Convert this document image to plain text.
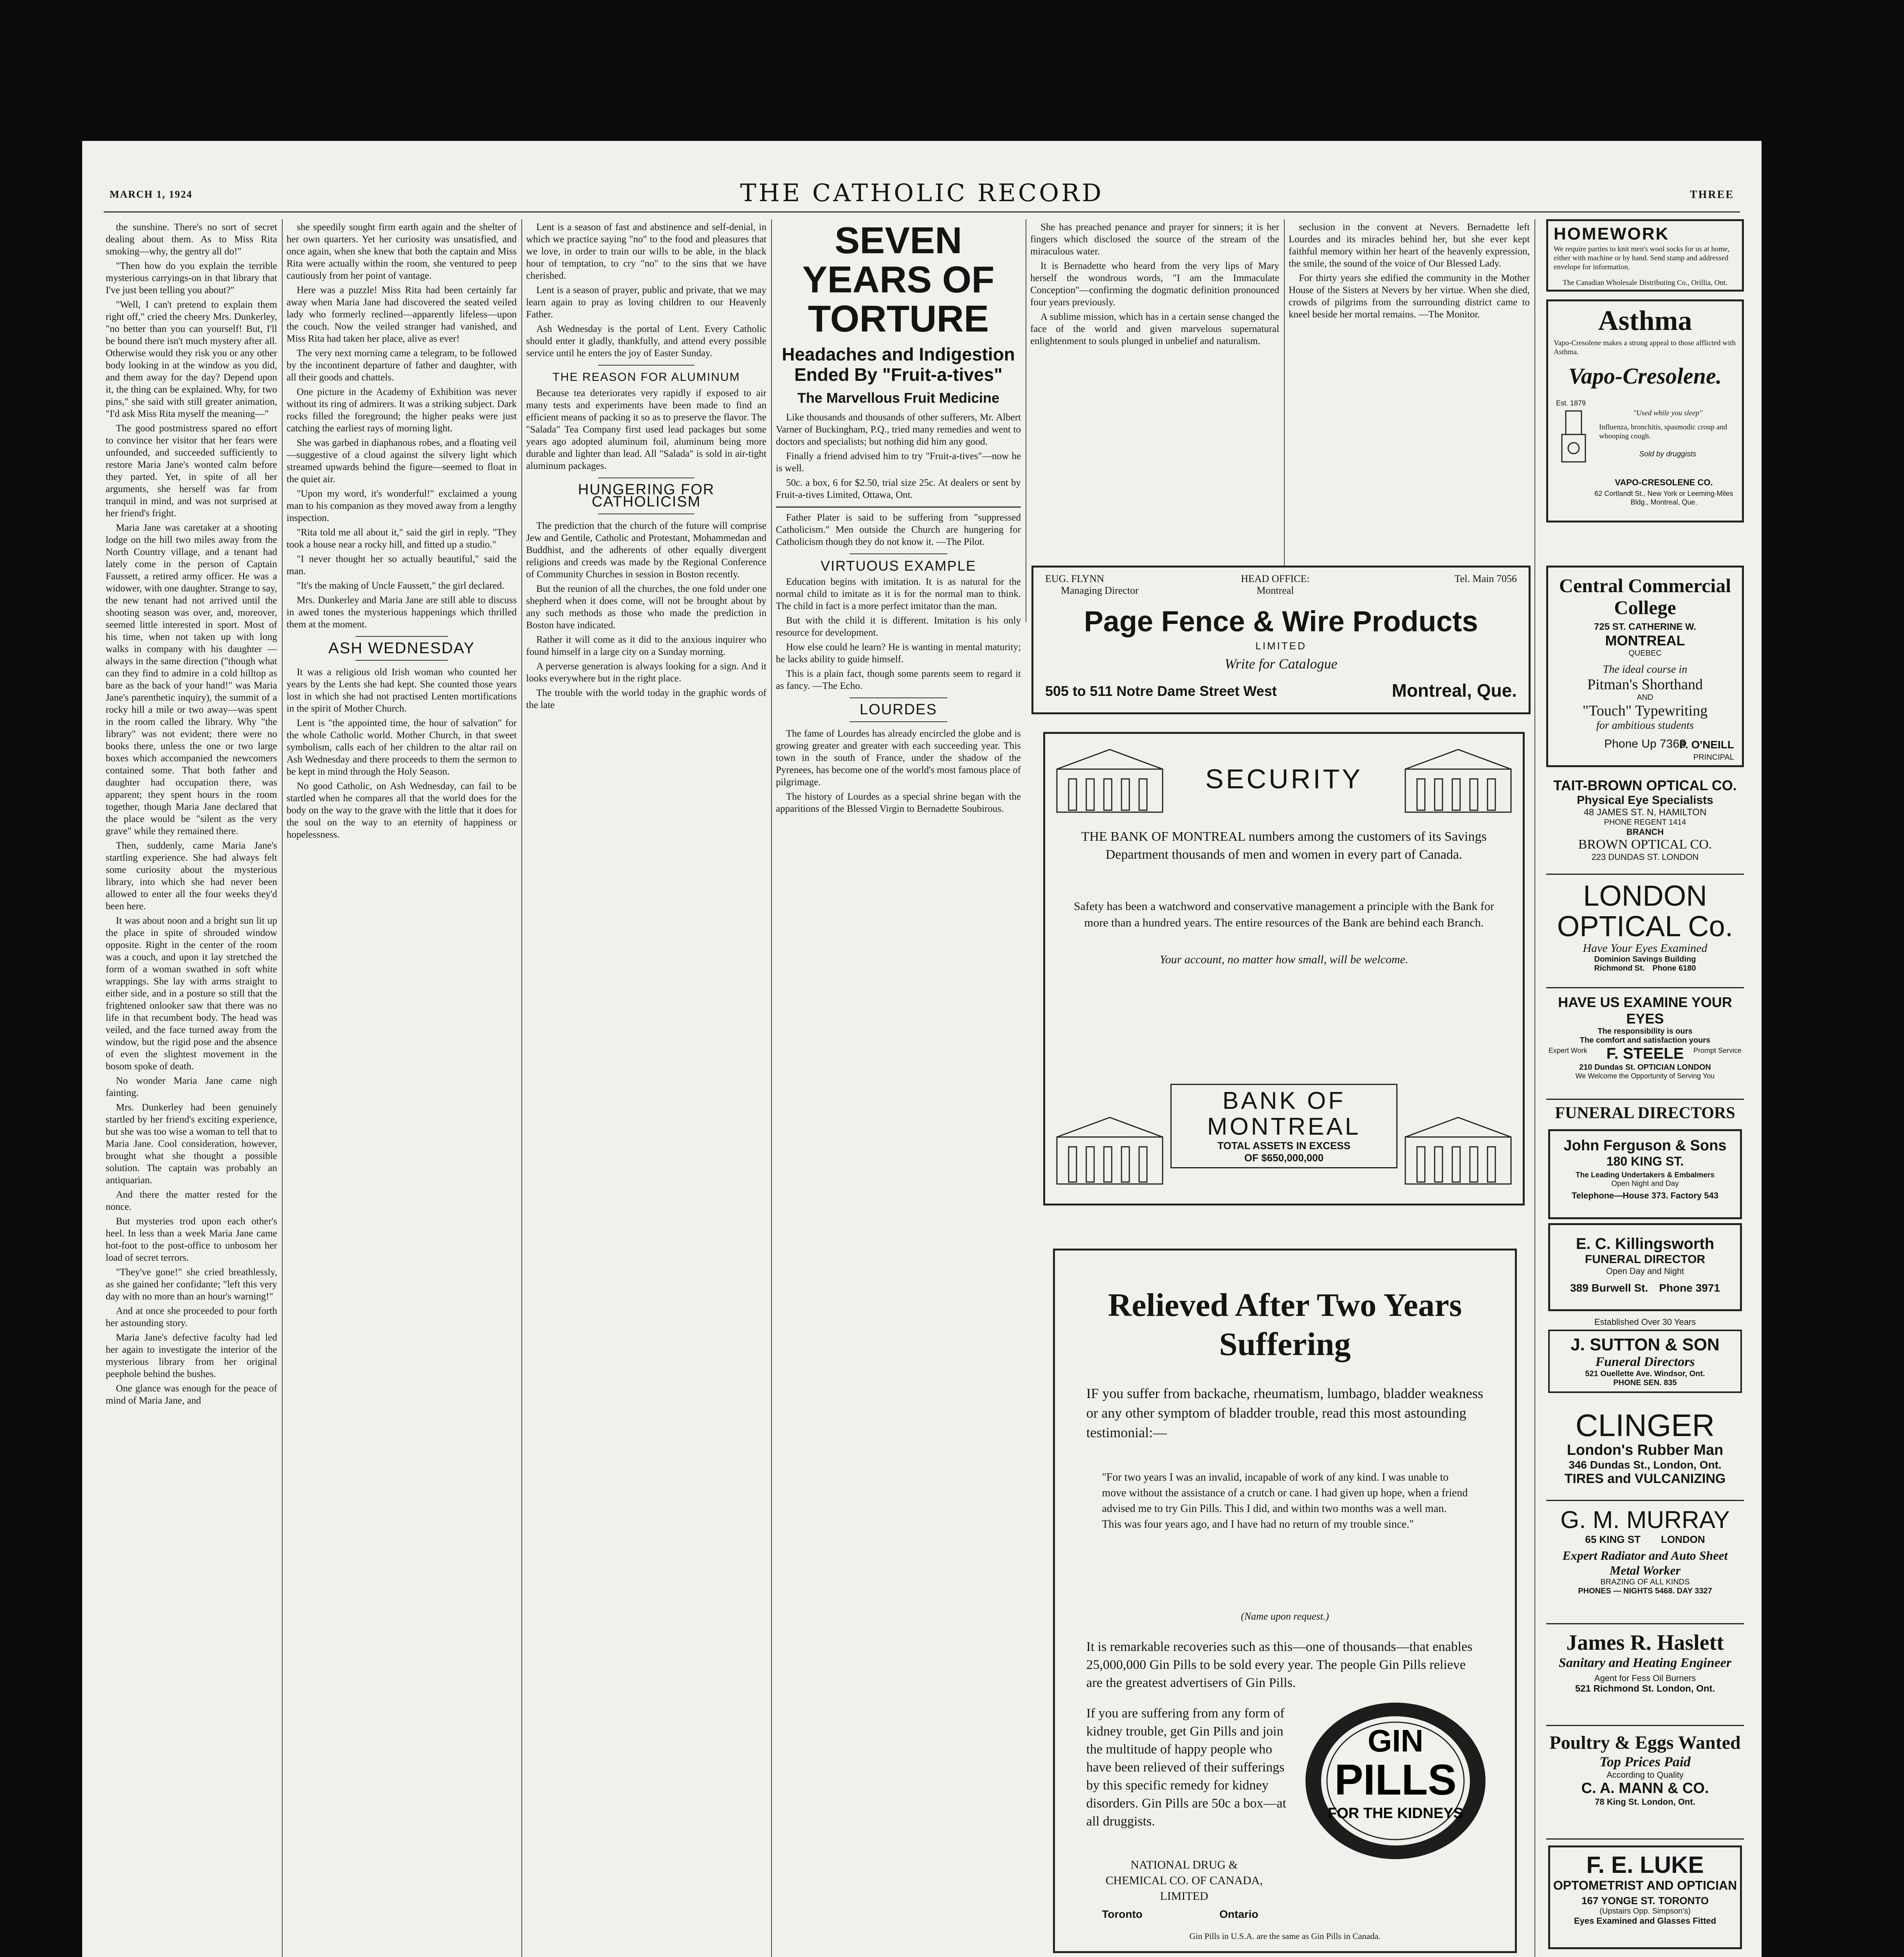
MARCH 1, 1924	THE CATHOLIC RECORD	THREE

the sunshine. There's no sort of secret dealing about them. As to Miss Rita smoking—why, the gentry all do!"

"Then how do you explain the terrible mysterious carryings-on in that library that I've just been telling you about?"

"Well, I can't pretend to explain them right off," cried the cheery Mrs. Dunkerley, "no better than you can yourself! But, I'll be bound there isn't much mystery after all. Otherwise would they risk you or any other body looking in at the window as you did, and them away for the day? Depend upon it, the thing can be explained. Why, for two pins," she said with still greater animation, "I'd ask Miss Rita myself the meaning—"

The good postmistress spared no effort to convince her visitor that her fears were unfounded, and succeeded sufficiently to restore Maria Jane's wonted calm before they parted. Yet, in spite of all her arguments, she herself was far from tranquil in mind, and was not surprised at her friend's fright.

Maria Jane was caretaker at a shooting lodge on the hill two miles away from the North Country village, and a tenant had lately come in the person of Captain Faussett, a retired army officer. He was a widower, with one daughter. Strange to say, the new tenant had not arrived until the shooting season was over, and, moreover, seemed little interested in sport. Most of his time, when not taken up with long walks in company with his daughter — always in the same direction ("though what can they find to admire in a cold hilltop as bare as the back of your hand!" was Maria Jane's parenthetic inquiry), the summit of a rocky hill a mile or two away—was spent in the room called the library. Why "the library" was not evident; there were no books there, unless the one or two large boxes which accompanied the newcomers contained some. That both father and daughter had occupation there, was apparent; they spent hours in the room together, though Maria Jane declared that the place would be "silent as the very grave" while they remained there.

Then, suddenly, came Maria Jane's startling experience. She had always felt some curiosity about the mysterious library, into which she had never been allowed to enter all the four weeks they'd been here.

It was about noon and a bright sun lit up the place in spite of shrouded window opposite. Right in the center of the room was a couch, and upon it lay stretched the form of a woman swathed in soft white wrappings. She lay with arms straight to either side, and in a posture so still that the frightened onlooker saw that there was no life in that recumbent body. The head was veiled, and the face turned away from the window, but the rigid pose and the absence of even the slightest movement in the bosom spoke of death.

No wonder Maria Jane came nigh fainting.

Mrs. Dunkerley had been genuinely startled by her friend's exciting experience, but she was too wise a woman to tell that to Maria Jane. Cool consideration, however, brought what she thought a possible solution. The captain was probably an antiquarian.

And there the matter rested for the nonce.

But mysteries trod upon each other's heel. In less than a week Maria Jane came hot-foot to the post-office to unbosom her load of secret terrors.

"They've gone!" she cried breathlessly, as she gained her confidante; "left this very day with no more than an hour's warning!"

And at once she proceeded to pour forth her astounding story.

Maria Jane's defective faculty had led her again to investigate the interior of the mysterious library from her original peephole behind the bushes.

One glance was enough for the peace of mind of Maria Jane, and

she speedily sought firm earth again and the shelter of her own quarters. Yet her curiosity was unsatisfied, and once again, when she knew that both the captain and Miss Rita were actually within the room, she ventured to peep cautiously from her point of vantage.

Here was a puzzle! Miss Rita had been certainly far away when Maria Jane had discovered the seated veiled lady who formerly reclined—apparently lifeless—upon the couch. Now the veiled stranger had vanished, and Miss Rita had taken her place, alive as ever!

The very next morning came a telegram, to be followed by the incontinent departure of father and daughter, with all their goods and chattels.

One picture in the Academy of Exhibition was never without its ring of admirers. It was a striking subject. Dark rocks filled the foreground; the higher peaks were just catching the earliest rays of morning light.

She was garbed in diaphanous robes, and a floating veil—suggestive of a cloud against the silvery light which streamed upwards behind the figure—seemed to float in the quiet air.

"Upon my word, it's wonderful!" exclaimed a young man to his companion as they moved away from a lengthy inspection.

"Rita told me all about it," said the girl in reply. "They took a house near a rocky hill, and fitted up a studio."

"I never thought her so actually beautiful," said the man.

"It's the making of Uncle Faussett," the girl declared.

Mrs. Dunkerley and Maria Jane are still able to discuss in awed tones the mysterious happenings which thrilled them at the moment.

ASH WEDNESDAY

It was a religious old Irish woman who counted her years by the Lents she had kept. She counted those years lost in which she had not practised Lenten mortifications in the spirit of Mother Church.

Lent is "the appointed time, the hour of salvation" for the whole Catholic world. Mother Church, in that sweet symbolism, calls each of her children to the altar rail on Ash Wednesday and there proceeds to them the sermon to be kept in mind through the Holy Season.

No good Catholic, on Ash Wednesday, can fail to be startled when he compares all that the world does for the body on the way to the grave with the little that it does for the soul on the way to an eternity of happiness or hopelessness.

Lent is a season of fast and abstinence and self-denial, in which we practice saying "no" to the food and pleasures that we love, in order to train our wills to be able, in the black hour of temptation, to cry "no" to the sins that we have cherished.

Lent is a season of prayer, public and private, that we may learn again to pray as loving children to our Heavenly Father.

Ash Wednesday is the portal of Lent. Every Catholic should enter it gladly, thankfully, and attend every possible service until he enters the joy of Easter Sunday.

THE REASON FOR ALUMINUM

Because tea deteriorates very rapidly if exposed to air many tests and experiments have been made to find an efficient means of packing it so as to preserve the flavor. The "Salada" Tea Company first used lead packages but some years ago adopted aluminum foil, aluminum being more durable and lighter than lead. All "Salada" is sold in air-tight aluminum packages.

HUNGERING FOR CATHOLICISM

The prediction that the church of the future will comprise Jew and Gentile, Catholic and Protestant, Mohammedan and Buddhist, and the adherents of other equally divergent religions and creeds was made by the Regional Conference of Community Churches in session in Boston recently.

But the reunion of all the churches, the one fold under one shepherd when it does come, will not be brought about by any such methods as those who made the prediction in Boston have indicated.

Rather it will come as it did to the anxious inquirer who found himself in a large city on a Sunday morning.

A perverse generation is always looking for a sign. And it looks everywhere but in the right place.

The trouble with the world today in the graphic words of the late

SEVEN YEARS OF TORTURE
Headaches and Indigestion Ended By "Fruit-a-tives"
The Marvellous Fruit Medicine

Like thousands and thousands of other sufferers, Mr. Albert Varner of Buckingham, P.Q., tried many remedies and went to doctors and specialists; but nothing did him any good.

Finally a friend advised him to try "Fruit-a-tives"—now he is well.

50c. a box, 6 for $2.50, trial size 25c. At dealers or sent by Fruit-a-tives Limited, Ottawa, Ont.

Father Plater is said to be suffering from "suppressed Catholicism." Men outside the Church are hungering for Catholicism though they do not know it. —The Pilot.

VIRTUOUS EXAMPLE

Education begins with imitation. It is as natural for the normal child to imitate as it is for the normal man to think. The child in fact is a more perfect imitator than the man.

But with the child it is different. Imitation is his only resource for development.

How else could he learn? He is wanting in mental maturity; he lacks ability to guide himself.

This is a plain fact, though some parents seem to regard it as fancy. —The Echo.

LOURDES

The fame of Lourdes has already encircled the globe and is growing greater and greater with each succeeding year. This town in the south of France, under the shadow of the Pyrenees, has become one of the world's most famous place of pilgrimage.

The history of Lourdes as a special shrine began with the apparitions of the Blessed Virgin to Bernadette Soubirous.

She has preached penance and prayer for sinners; it is her fingers which disclosed the source of the stream of the miraculous water.

It is Bernadette who heard from the very lips of Mary herself the wondrous words, "I am the Immaculate Conception"—confirming the dogmatic definition pronounced four years previously.

A sublime mission, which has in a certain sense changed the face of the world and given marvelous supernatural enlightenment to souls plunged in unbelief and naturalism.

seclusion in the convent at Nevers. Bernadette left Lourdes and its miracles behind her, but she ever kept faithful memory within her heart of the heavenly expression, the smile, the sound of the voice of Our Blessed Lady.

For thirty years she edified the community in the Mother House of the Sisters at Nevers by her virtue. When she died, crowds of pilgrims from the surrounding district came to kneel beside her mortal remains. —The Monitor.

EUG. FLYNN
Managing Director
HEAD OFFICE:
Montreal
Tel. Main 7056
Page Fence & Wire Products
LIMITED
Write for Catalogue
505 to 511 Notre Dame Street West	Montreal, Que.
SECURITY
THE BANK OF MONTREAL numbers among the customers of its Savings Department thousands of men and women in every part of Canada.
Safety has been a watchword and conservative management a principle with the Bank for more than a hundred years. The entire resources of the Bank are behind each Branch.
Your account, no matter how small, will be welcome.
BANK OF
MONTREAL
TOTAL ASSETS IN EXCESS
OF $650,000,000
Relieved After Two Years Suffering
IF you suffer from backache, rheumatism, lumbago, bladder weakness or any other symptom of bladder trouble, read this most astounding testimonial:—
"For two years I was an invalid, incapable of work of any kind. I was unable to move without the assistance of a crutch or cane. I had given up hope, when a friend advised me to try Gin Pills. This I did, and within two months was a well man. This was four years ago, and I have had no return of my trouble since."
(Name upon request.)
It is remarkable recoveries such as this—one of thousands—that enables 25,000,000 Gin Pills to be sold every year. The people Gin Pills relieve are the greatest advertisers of Gin Pills.
If you are suffering from any form of kidney trouble, get Gin Pills and join the multitude of happy people who have been relieved of their sufferings by this specific remedy for kidney disorders. Gin Pills are 50c a box—at all druggists.
NATIONAL DRUG & CHEMICAL CO. OF CANADA, LIMITED
Toronto	Ontario
GIN
PILLS
FOR THE KIDNEYS
Gin Pills in U.S.A. are the same as Gin Pills in Canada.
HOMEWORK
We require parties to knit men's wool socks for us at home, either with machine or by hand. Send stamp and addressed envelope for information.
The Canadian Wholesale Distributing Co., Orillia, Ont.
Asthma
Vapo-Cresolene makes a strong appeal to those afflicted with Asthma.
Vapo-Cresolene.
Est. 1879
"Used while you sleep"
Influenza, bronchitis, spasmodic croup and whooping cough.
Sold by druggists
VAPO-CRESOLENE CO.
62 Cortlandt St., New York or Leeming-Miles Bldg., Montreal, Que.
Central Commercial College
725 ST. CATHERINE W.
MONTREAL
QUEBEC
The ideal course in
Pitman's Shorthand
AND
"Touch" Typewriting
for ambitious students
Phone Up 7363
P. O'NEILL
PRINCIPAL
TAIT-BROWN OPTICAL CO.
Physical Eye Specialists
48 JAMES ST. N, HAMILTON
PHONE REGENT 1414
BRANCH
BROWN OPTICAL CO.
223 DUNDAS ST. LONDON
LONDON
OPTICAL Co.
Have Your Eyes Examined
Dominion Savings Building
Richmond St.  Phone 6180
HAVE US EXAMINE YOUR EYES
The responsibility is ours
The comfort and satisfaction yours
Expert Work	F. STEELE	Prompt Service
210 Dundas St. OPTICIAN LONDON
We Welcome the Opportunity of Serving You
FUNERAL DIRECTORS
John Ferguson & Sons
180 KING ST.
The Leading Undertakers & Embalmers
Open Night and Day
Telephone—House 373. Factory 543
E. C. Killingsworth
FUNERAL DIRECTOR
Open Day and Night
389 Burwell St.  Phone 3971
Established Over 30 Years
J. SUTTON & SON
Funeral Directors
521 Ouellette Ave. Windsor, Ont.
PHONE SEN. 835
CLINGER
London's Rubber Man
346 Dundas St., London, Ont.
TIRES and VULCANIZING
G. M. MURRAY
65 KING ST   LONDON
Expert Radiator and Auto Sheet Metal Worker
BRAZING OF ALL KINDS
PHONES — NIGHTS 5468. DAY 3327
James R. Haslett
Sanitary and Heating Engineer
Agent for Fess Oil Burners
521 Richmond St. London, Ont.
Poultry & Eggs Wanted
Top Prices Paid
According to Quality
C. A. MANN & CO.
78 King St. London, Ont.
F. E. LUKE
OPTOMETRIST AND OPTICIAN
167 YONGE ST. TORONTO
(Upstairs Opp. Simpson's)
Eyes Examined and Glasses Fitted
